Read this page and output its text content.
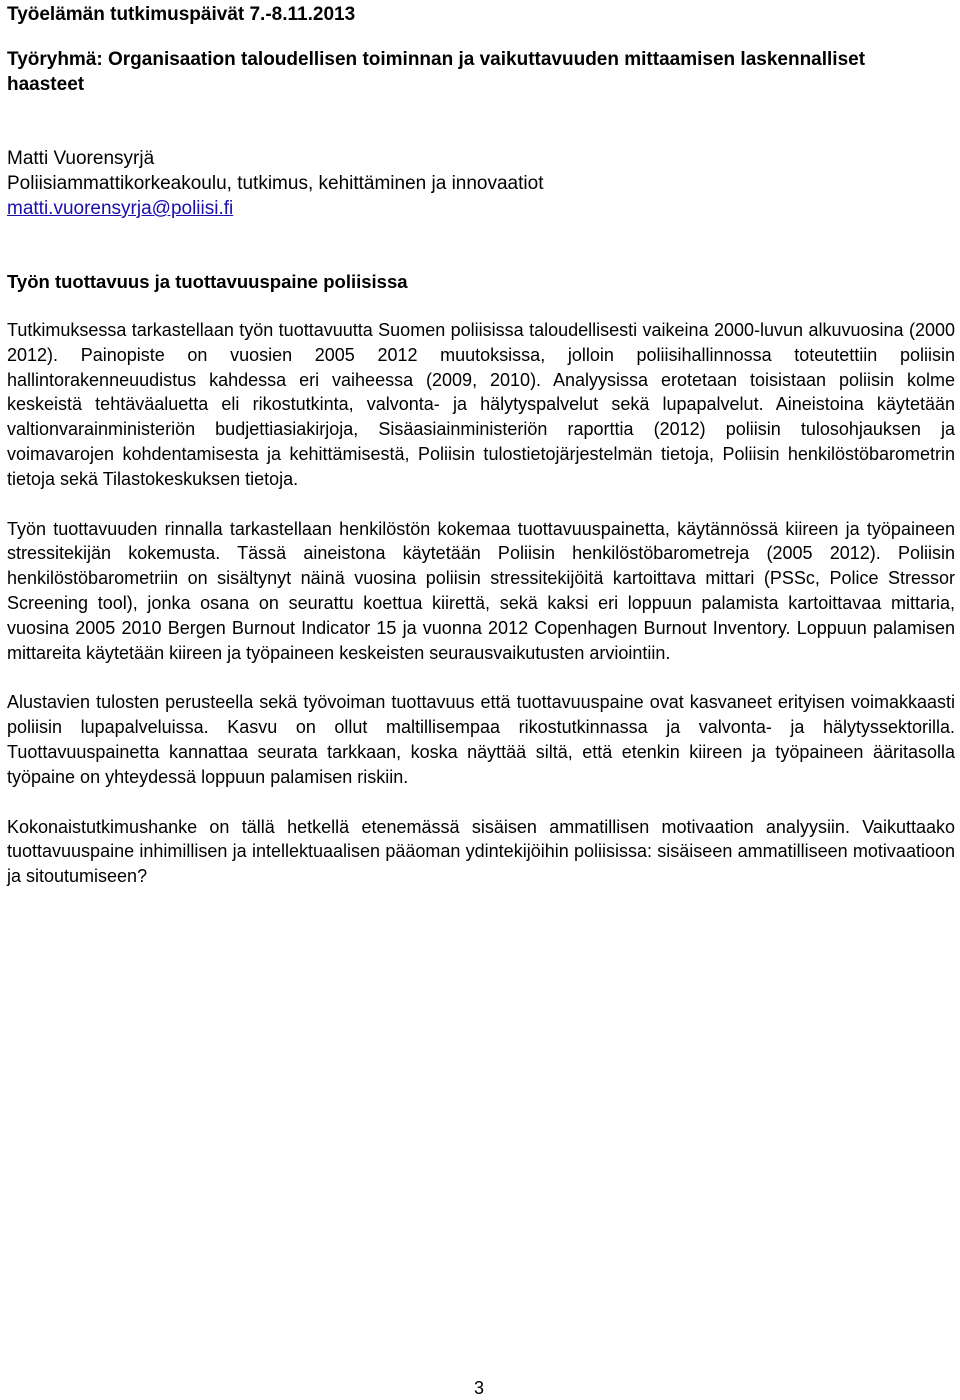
Työelämän tutkimuspäivät 7.-8.11.2013
Työryhmä: Organisaation taloudellisen toiminnan ja vaikuttavuuden mittaamisen laskennalliset haasteet
Matti Vuorensyrjä
Poliisiammattikorkeakoulu, tutkimus, kehittäminen ja innovaatiot
matti.vuorensyrja@poliisi.fi
Työn tuottavuus ja tuottavuuspaine poliisissa

Tutkimuksessa tarkastellaan työn tuottavuutta Suomen poliisissa taloudellisesti vaikeina 2000-luvun alkuvuosina (2000 2012). Painopiste on vuosien 2005 2012 muutoksissa, jolloin poliisihallinnossa toteutettiin poliisin hallintorakenneuudistus kahdessa eri vaiheessa (2009, 2010). Analyysissa erotetaan toisistaan poliisin kolme keskeistä tehtäväaluetta eli rikostutkinta, valvonta- ja hälytyspalvelut sekä lupapalvelut. Aineistoina käytetään valtionvarainministeriön budjettiasiakirjoja, Sisäasiainministeriön raporttia (2012) poliisin tulosohjauksen ja voimavarojen kohdentamisesta ja kehittämisestä, Poliisin tulostietojärjestelmän tietoja, Poliisin henkilöstöbarometrin tietoja sekä Tilastokeskuksen tietoja.

Työn tuottavuuden rinnalla tarkastellaan henkilöstön kokemaa tuottavuuspainetta, käytännössä kiireen ja työpaineen stressitekijän kokemusta. Tässä aineistona käytetään Poliisin henkilöstöbarometreja (2005 2012). Poliisin henkilöstöbarometriin on sisältynyt näinä vuosina poliisin stressitekijöitä kartoittava mittari (PSSc, Police Stressor Screening tool), jonka osana on seurattu koettua kiirettä, sekä kaksi eri loppuun palamista kartoittavaa mittaria, vuosina 2005 2010 Bergen Burnout Indicator 15 ja vuonna 2012 Copenhagen Burnout Inventory. Loppuun palamisen mittareita käytetään kiireen ja työpaineen keskeisten seurausvaikutusten arviointiin.

Alustavien tulosten perusteella sekä työvoiman tuottavuus että tuottavuuspaine ovat kasvaneet erityisen voimakkaasti poliisin lupapalveluissa. Kasvu on ollut maltillisempaa rikostutkinnassa ja valvonta- ja hälytyssektorilla. Tuottavuuspainetta kannattaa seurata tarkkaan, koska näyttää siltä, että etenkin kiireen ja työpaineen ääritasolla työpaine on yhteydessä loppuun palamisen riskiin.

Kokonaistutkimushanke on tällä hetkellä etenemässä sisäisen ammatillisen motivaation analyysiin. Vaikuttaako tuottavuuspaine inhimillisen ja intellektuaalisen pääoman ydintekijöihin poliisissa: sisäiseen ammatilliseen motivaatioon ja sitoutumiseen?

3
